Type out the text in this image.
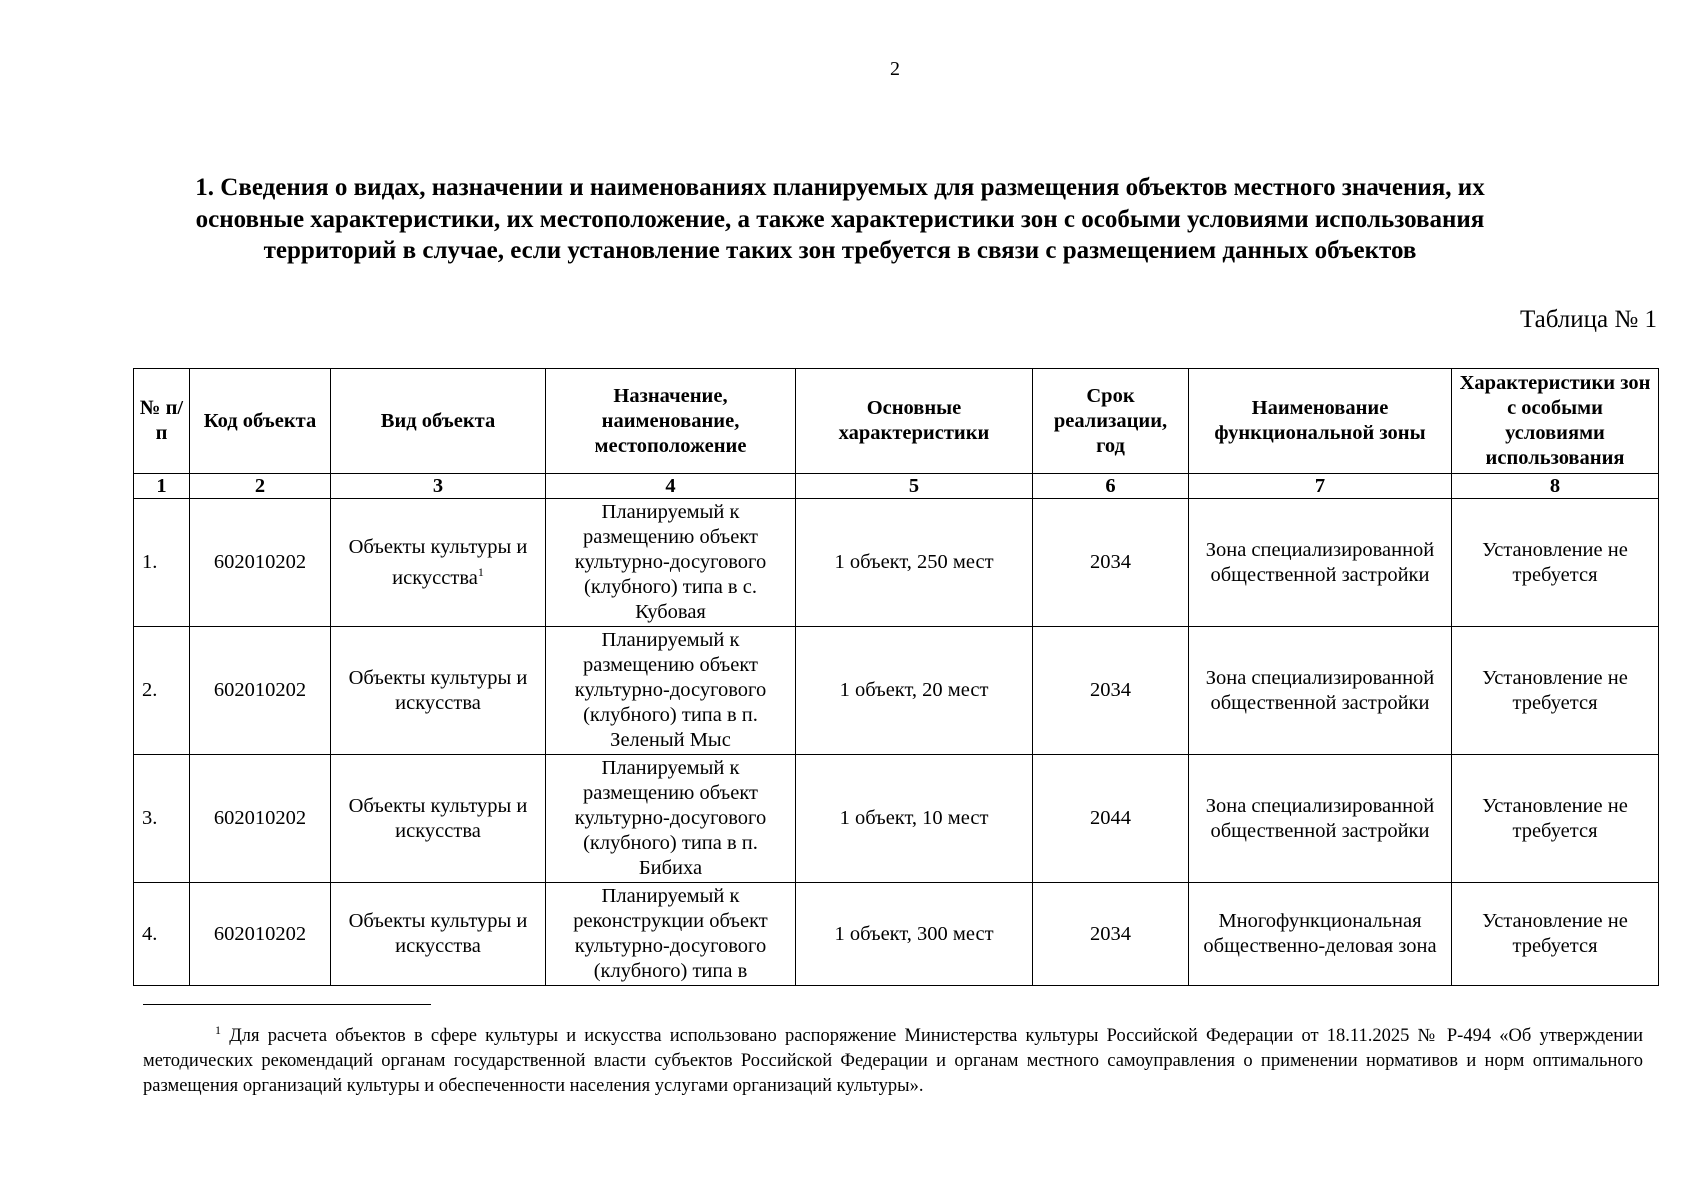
2
1. Сведения о видах, назначении и наименованиях планируемых для размещения объектов местного значения, их основные характеристики, их местоположение, а также характеристики зон с особыми условиями использования территорий в случае, если установление таких зон требуется в связи с размещением данных объектов
Таблица № 1
№ п/п	Код объекта	Вид объекта	Назначение, наименование, местоположение	Основные характеристики	Срок реализации, год	Наименование функциональной зоны	Характеристики зон с особыми условиями использования
1	2	3	4	5	6	7	8
1.	602010202	Объекты культуры и искусства$^1$	Планируемый к размещению объект культурно-досугового (клубного) типа в с. Кубовая	1 объект, 250 мест	2034	Зона специализированной общественной застройки	Установление не требуется
2.	602010202	Объекты культуры и искусства	Планируемый к размещению объект культурно-досугового (клубного) типа в п. Зеленый Мыс	1 объект, 20 мест	2034	Зона специализированной общественной застройки	Установление не требуется
3.	602010202	Объекты культуры и искусства	Планируемый к размещению объект культурно-досугового (клубного) типа в п. Бибиха	1 объект, 10 мест	2044	Зона специализированной общественной застройки	Установление не требуется
4.	602010202	Объекты культуры и искусства	Планируемый к реконструкции объект культурно-досугового (клубного) типа в	1 объект, 300 мест	2034	Многофункциональная общественно-деловая зона	Установление не требуется
$^1$ Для расчета объектов в сфере культуры и искусства использовано распоряжение Министерства культуры Российской Федерации от 18.11.2025 № Р-494 «Об утверждении методических рекомендаций органам государственной власти субъектов Российской Федерации и органам местного самоуправления о применении нормативов и норм оптимального размещения организаций культуры и обеспеченности населения услугами организаций культуры».
